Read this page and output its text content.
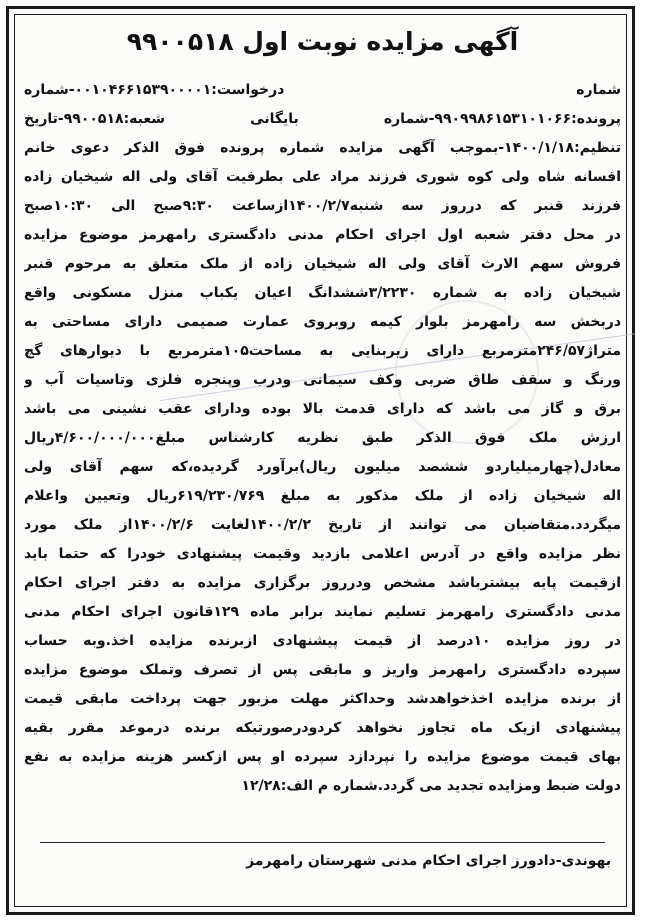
آگهی مزایده نوبت اول ۹۹۰۰۵۱۸
شماره درخواست:۰۰۱۰۴۶۶۱۵۳۹۰۰۰۰۱-شماره
پرونده:۹۹۰۹۹۸۶۱۵۳۱۰۱۰۶۶-شماره بایگانی شعبه:۹۹۰۰۵۱۸-تاریخ
تنظیم:۱۴۰۰/۱/۱۸-بموجب آگهی مزایده شماره پرونده فوق الذکر دعوی خانم
افسانه شاه ولی کوه شوری فرزند مراد علی بطرفیت آقای ولی اله شیخیان زاده
فرزند قنبر که درروز سه شنبه۱۴۰۰/۲/۷ازساعت ۹:۳۰صبح الی ۱۰:۳۰صبح
در محل دفتر شعبه اول اجرای احکام مدنی دادگستری رامهرمز موضوع مزایده
فروش سهم الارث آقای ولی اله شیخیان زاده از ملک متعلق به مرحوم قنبر
شیخیان زاده به شماره ۳/۲۲۳۰ششدانگ اعیان یکباب منزل مسکونی واقع
دربخش سه رامهرمز بلوار کیمه روبروی عمارت صمیمی دارای مساحتی به
متراژ۲۴۶/۵۷مترمربع دارای زیربنایی به مساحت۱۰۵مترمربع با دیوارهای گچ
ورنگ و سقف طاق ضربی وکف سیمانی ودرب وپنجره فلزی وتاسیات آب و
برق و گاز می باشد که دارای قدمت بالا بوده ودارای عقب نشینی می باشد
ارزش ملک فوق الذکر طبق نظریه کارشناس مبلغ۴/۶۰۰/۰۰۰/۰۰۰ریال
معادل(چهارمیلیاردو ششصد میلیون ریال)برآورد گردیده،که سهم آقای ولی
اله شیخیان زاده از ملک مذکور به مبلغ ۶۱۹/۲۳۰/۷۶۹ریال وتعیین واعلام
میگردد.متقاضیان می توانند از تاریخ ۱۴۰۰/۲/۲لغایت ۱۴۰۰/۲/۶از ملک مورد
نظر مزایده واقع در آدرس اعلامی بازدید وقیمت پیشنهادی خودرا که حتما باید
ازقیمت پایه بیشترباشد مشخص ودرروز برگزاری مزایده به دفتر اجرای احکام
مدنی دادگستری رامهرمز تسلیم نمایند برابر ماده ۱۲۹قانون اجرای احکام مدنی
در روز مزایده ۱۰درصد از قیمت پیشنهادی ازبرنده مزایده اخذ.وبه حساب
سپرده دادگستری رامهرمز واریز و مابقی پس از تصرف وتملک موضوع مزایده
از برنده مزایده اخذخواهدشد وحداکثر مهلت مزبور جهت پرداخت مابقی قیمت
پیشنهادی ازیک ماه تجاوز نخواهد کردودرصورتیکه برنده درموعد مقرر بقیه
بهای قیمت موضوع مزایده را نپردازد سپرده او پس ازکسر هزینه مزایده به نفع
دولت ضبط ومزایده تجدید می گردد.شماره م الف:۱۲/۲۸
بهوندی-دادورز اجرای احکام مدنی شهرستان رامهرمز
